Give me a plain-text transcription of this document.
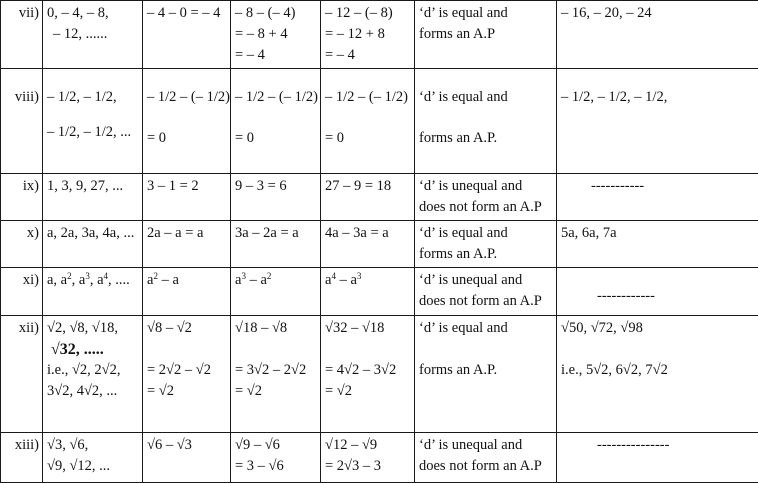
vii)	0, – 4, – 8,
– 12, ......	– 4 – 0 = – 4	– 8 – (– 4)
= – 8 + 4
= – 4	– 12 – (– 8)
= – 12 + 8
= – 4	‘d’ is equal and
forms an A.P	– 16, – 20, – 24

viii)	– 1/2, – 1/2,
– 1/2, – 1/2, ...	– 1/2 – (– 1/2)
= 0	– 1/2 – (– 1/2)
= 0	– 1/2 – (– 1/2)
= 0	‘d’ is equal and
forms an A.P.	– 1/2, – 1/2, – 1/2,

ix)	1, 3, 9, 27, ...	3 – 1 = 2	9 – 3 = 6	27 – 9 = 18	‘d’ is unequal and
does not form an A.P	-----------
x)	a, 2a, 3a, 4a, ...	2a – a = a	3a – 2a = a	4a – 3a = a	‘d’ is equal and
forms an A.P.	5a, 6a, 7a

xi)	a, $a^2$, $a^3$, $a^4$, ....	$a^2$ – a	$a^3 - a^2$	$a^4 - a^3$	‘d’ is unequal and
does not form an A.P	------------
xii)	√2, √8, √18,
√32, .....
i.e., √2, 2√2,
3√2, 4√2, ...	√8 – √2
= 2√2 – √2
= √2	√18 – √8
= 3√2 – 2√2
= √2	√32 – √18
= 4√2 – 3√2
= √2	‘d’ is equal and
forms an A.P.	√50, √72, √98
i.e., 5√2, 6√2, 7√2

xiii)	√3, √6,
√9, √12, ...	√6 – √3	√9 – √6
= 3 – √6	√12 – √9
= 2√3 – 3	‘d’ is unequal and
does not form an A.P	---------------
